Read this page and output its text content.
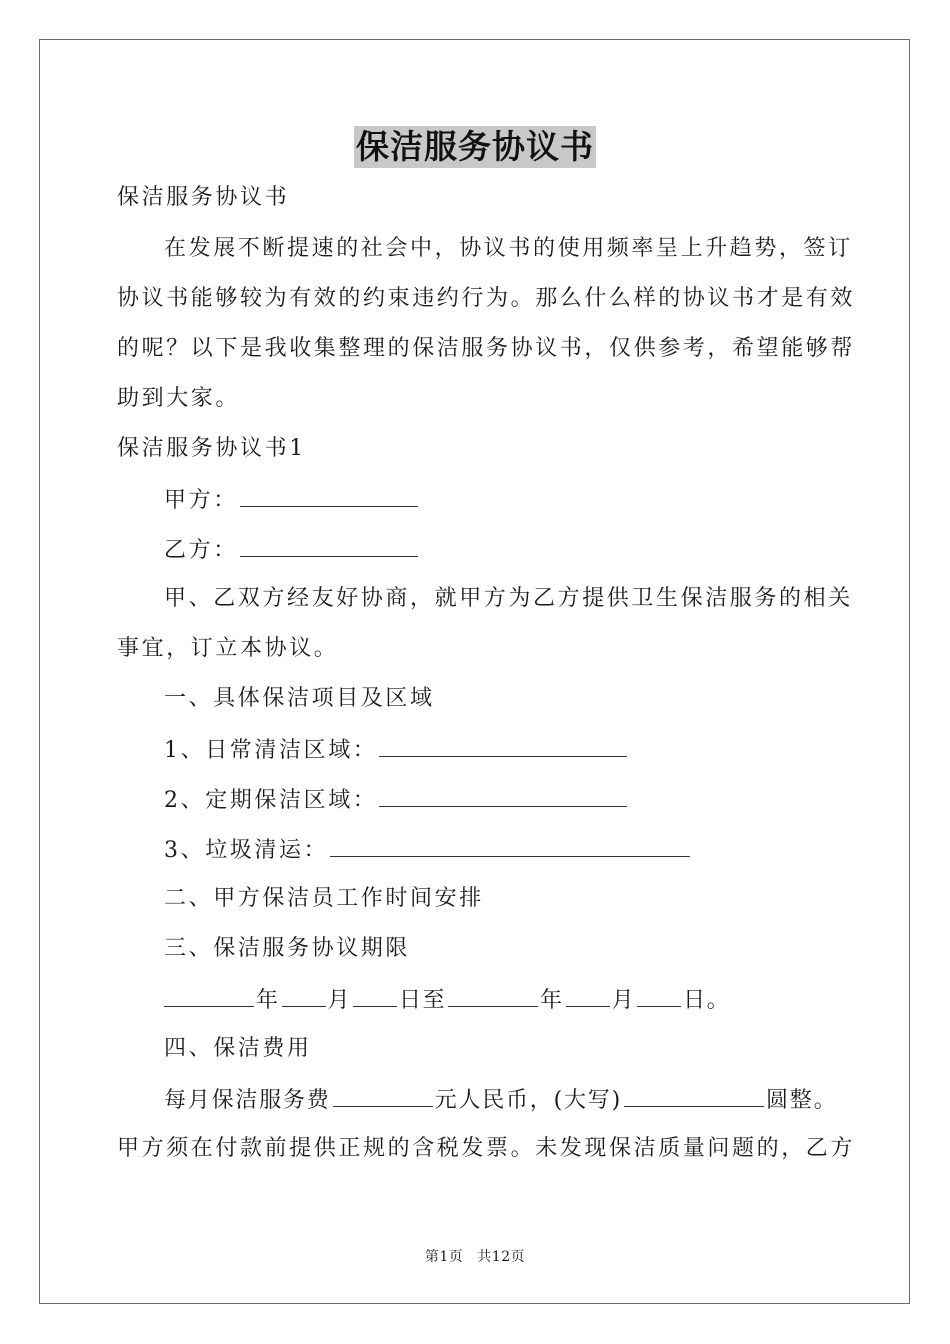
保洁服务协议书
保洁服务协议书
在发展不断提速的社会中，协议书的使用频率呈上升趋势，签订
协议书能够较为有效的约束违约行为。那么什么样的协议书才是有效
的呢？以下是我收集整理的保洁服务协议书，仅供参考，希望能够帮
助到大家。
保洁服务协议书1
甲方：
乙方：
甲、乙双方经友好协商，就甲方为乙方提供卫生保洁服务的相关
事宜，订立本协议。
一、具体保洁项目及区域
1、日常清洁区域：
2、定期保洁区域：
3、垃圾清运：
二、甲方保洁员工作时间安排
三、保洁服务协议期限
年 月 日至	年 月 日。
四、保洁费用
每月保洁服务费	元人民币，(大写)	圆整。
甲方须在付款前提供正规的含税发票。未发现保洁质量问题的，乙方
第1页 共12页
